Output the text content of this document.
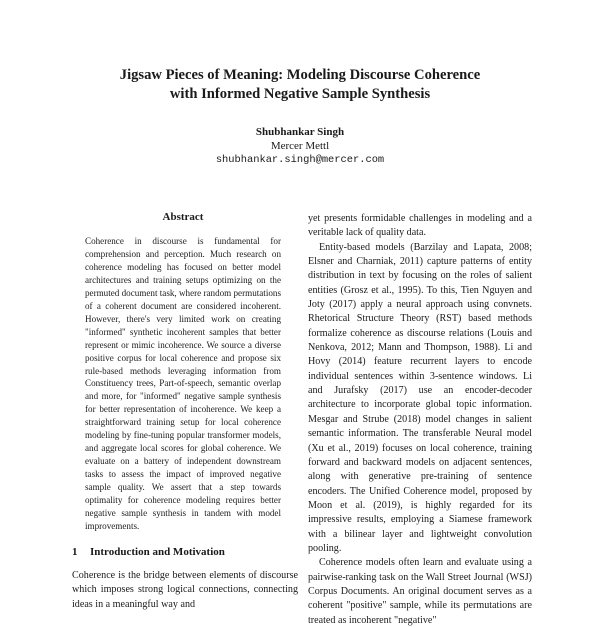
Jigsaw Pieces of Meaning: Modeling Discourse Coherence
with Informed Negative Sample Synthesis
Shubhankar Singh
Mercer Mettl
shubhankar.singh@mercer.com
Abstract

Coherence in discourse is fundamental for comprehension and perception. Much research on coherence modeling has focused on better model architectures and training setups optimizing on the permuted document task, where random permutations of a coherent document are considered incoherent. However, there's very limited work on creating "informed" synthetic incoherent samples that better represent or mimic incoherence. We source a diverse positive corpus for local coherence and propose six rule-based methods leveraging information from Constituency trees, Part-of-speech, semantic overlap and more, for "informed" negative sample synthesis for better representation of incoherence. We keep a straightforward training setup for local coherence modeling by fine-tuning popular transformer models, and aggregate local scores for global coherence. We evaluate on a battery of independent downstream tasks to assess the impact of improved negative sample quality. We assert that a step towards optimality for coherence modeling requires better negative sample synthesis in tandem with model improvements.

1 Introduction and Motivation

Coherence is the bridge between elements of discourse which imposes strong logical connections, connecting ideas in a meaningful way and

yet presents formidable challenges in modeling and a veritable lack of quality data.

Entity-based models (Barzilay and Lapata, 2008; Elsner and Charniak, 2011) capture patterns of entity distribution in text by focusing on the roles of salient entities (Grosz et al., 1995). To this, Tien Nguyen and Joty (2017) apply a neural approach using convnets. Rhetorical Structure Theory (RST) based methods formalize coherence as discourse relations (Louis and Nenkova, 2012; Mann and Thompson, 1988). Li and Hovy (2014) feature recurrent layers to encode individual sentences within 3-sentence windows. Li and Jurafsky (2017) use an encoder-decoder architecture to incorporate global topic information. Mesgar and Strube (2018) model changes in salient semantic information. The transferable Neural model (Xu et al., 2019) focuses on local coherence, training forward and backward models on adjacent sentences, along with generative pre-training of sentence encoders. The Unified Coherence model, proposed by Moon et al. (2019), is highly regarded for its impressive results, employing a Siamese framework with a bilinear layer and lightweight convolution pooling.

Coherence models often learn and evaluate using a pairwise-ranking task on the Wall Street Journal (WSJ) Corpus Documents. An original document serves as a coherent "positive" sample, while its permutations are treated as incoherent "negative"
